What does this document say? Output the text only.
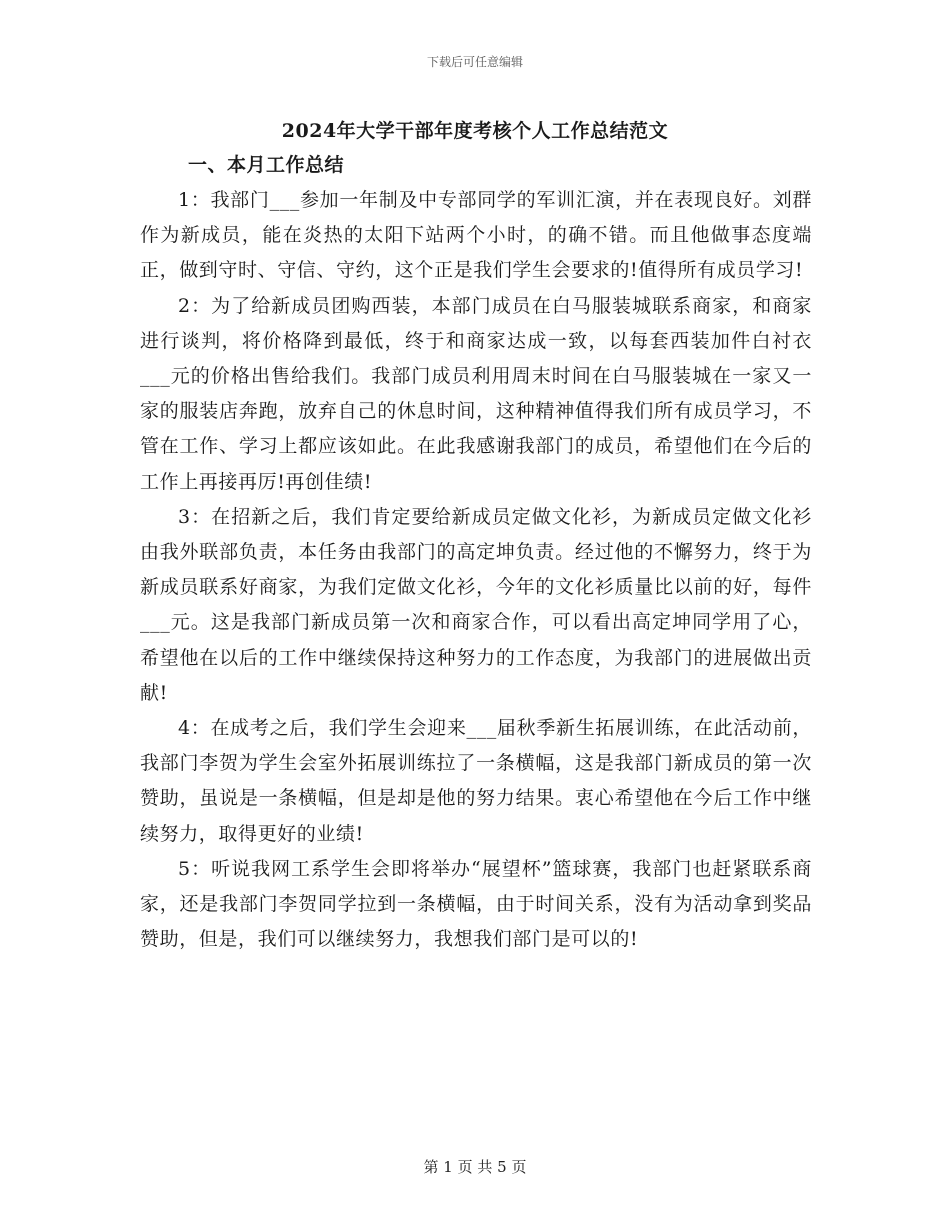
下载后可任意编辑
2024年大学干部年度考核个人工作总结范文
一、本月工作总结

1：我部门___参加一年制及中专部同学的军训汇演，并在表现良好。刘群作为新成员，能在炎热的太阳下站两个小时，的确不错。而且他做事态度端正，做到守时、守信、守约，这个正是我们学生会要求的!值得所有成员学习!

2：为了给新成员团购西装，本部门成员在白马服装城联系商家，和商家进行谈判，将价格降到最低，终于和商家达成一致，以每套西装加件白衬衣___元的价格出售给我们。我部门成员利用周末时间在白马服装城在一家又一家的服装店奔跑，放弃自己的休息时间，这种精神值得我们所有成员学习，不管在工作、学习上都应该如此。在此我感谢我部门的成员，希望他们在今后的工作上再接再厉!再创佳绩!

3：在招新之后，我们肯定要给新成员定做文化衫，为新成员定做文化衫由我外联部负责，本任务由我部门的高定坤负责。经过他的不懈努力，终于为新成员联系好商家，为我们定做文化衫，今年的文化衫质量比以前的好，每件___元。这是我部门新成员第一次和商家合作，可以看出高定坤同学用了心，希望他在以后的工作中继续保持这种努力的工作态度，为我部门的进展做出贡献!

4：在成考之后，我们学生会迎来___届秋季新生拓展训练，在此活动前，我部门李贺为学生会室外拓展训练拉了一条横幅，这是我部门新成员的第一次赞助，虽说是一条横幅，但是却是他的努力结果。衷心希望他在今后工作中继续努力，取得更好的业绩!

5：听说我网工系学生会即将举办“展望杯”篮球赛，我部门也赶紧联系商家，还是我部门李贺同学拉到一条横幅，由于时间关系，没有为活动拿到奖品赞助，但是，我们可以继续努力，我想我们部门是可以的!

第 1 页 共 5 页
